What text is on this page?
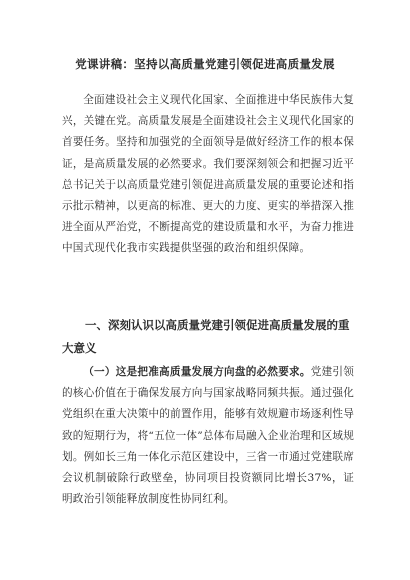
党课讲稿：坚持以高质量党建引领促进高质量发展

全面建设社会主义现代化国家、全面推进中华民族伟大复兴，关键在党。高质量发展是全面建设社会主义现代化国家的首要任务。坚持和加强党的全面领导是做好经济工作的根本保证，是高质量发展的必然要求。我们要深刻领会和把握习近平总书记关于以高质量党建引领促进高质量发展的重要论述和指示批示精神，以更高的标准、更大的力度、更实的举措深入推进全面从严治党，不断提高党的建设质量和水平，为奋力推进中国式现代化我市实践提供坚强的政治和组织保障。

一、深刻认识以高质量党建引领促进高质量发展的重大意义

（一）这是把准高质量发展方向盘的必然要求。党建引领的核心价值在于确保发展方向与国家战略同频共振。通过强化党组织在重大决策中的前置作用，能够有效规避市场逐利性导致的短期行为，将“五位一体”总体布局融入企业治理和区域规划。例如长三角一体化示范区建设中，三省一市通过党建联席会议机制破除行政壁垒，协同项目投资额同比增长37%，证明政治引领能释放制度性协同红利。
